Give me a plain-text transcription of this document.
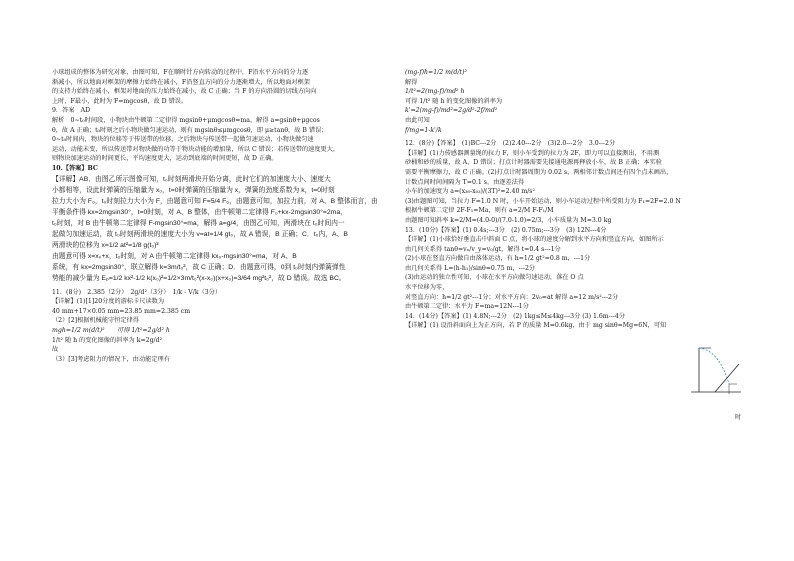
小球组成的整体为研究对象，由图可知，F在顺时针方向转动的过程中，F沿水平方向的分力逐
渐减小，所以地面对框架的摩擦力始终在减小，F沿竖直方向的分力逐渐增大，所以地面对框架
的支持力始终在减小，框架对地面的压力始终在减小，故 C 正确；当 F 的方向沿圆的切线方向向
上时，F最小，此时为 F=mgcosθ，故 D 错误。
9．答案　AD
解析　0~t₀时间段，小物块由牛顿第二定律得 mgsinθ+μmgcosθ=ma，解得 a=gsinθ+μgcos
θ，故 A 正确；t₀时刻之后小物块做匀速运动，则有 mgsinθ≤μmgcosθ，即 μ≥tanθ，故 B 错误；
0~t₀时间内，物块的位移等于传送带的位移，之后物块与传送带一起做匀速运动，小物块做匀速
运动，动能未变，所以传送带对物块做的功等于物块动能的增加量，所以 C 错误；若传送带的速度更大，
则物块加速运动的时间更长，平均速度更大，运动到底端的时间更短，故 D 正确。
10.【答案】BC
【详解】AB．由图乙所示图像可知，t₀时刻两滑块开始分离，此时它们的加速度大小、速度大
小都相等，设此时弹簧的压缩量为 x₀，t=0时弹簧的压缩量为 x，弹簧的劲度系数为 k，t=0时刻
拉力大小为 F₀，t₀时刻拉力大小为 F，由题意可知 F=5/4 F₀，由题意可知，加拉力前，对 A、B 整体而言，由
平衡条件得 kx=2mgsin30°，t=0时刻，对 A、B 整体，由牛顿第二定律得 F₀+kx-2mgsin30°=2ma，
t₀时刻，对 B 由牛顿第二定律得 F-mgsin30°=ma，解得 a=g/4，由图乙可知，两滑块在 t₀时间内一
起做匀加速运动，故 t₀时刻两滑块的速度大小为 v=at=1/4 gt₀，故 A 错误，B 正确；C．t₀内，A、B
两滑块的位移为 x=1/2 at²=1/8 g(t₀)²
由题意可得 x=x₀+x，t₀时刻，对 A 由牛顿第二定律得 kx₀-mgsin30°=ma，对 A、B
系统，有 kx=2mgsin30°，联立解得 k=3m/t₀²，故 C 正确；D．由题意可得，0到 t₀时刻内弹簧弹性
势能的减少量为 Eₚ=1/2 kx²-1/2 k(x₀)²=1/2×3m/t₀²(x-x₀)(x+x₀)=3/64 mg²t₀²，故 D 错误。故选 BC。
11．(8分)　2.385（2分）　2g/d²（3分）　1/k - V/k（3分）
【详解】(1)[1]20分度的游标卡尺读数为
40 mm+17×0.05 mm=23.85 mm=2.385 cm
（2）[2]根据机械能守恒定律得
mgh=1/2 m(d/t)²　　可得 1/t²=2g/d² h
1/t² 随 h 的变化图像的斜率为 k=2g/d²
故
（3）[3]考虑阻力的情况下，由动能定理有
(mg-f)h=1/2 m(d/t)²
解得
1/t²=2(mg-f)/md² h
可得 1/t² 随 h 的变化图像的斜率为
k'=2(mg-f)/md²=2g/d²-2f/md²
由此可知
f/mg=1-k'/k
12．(8分)【答案】　(1)BC---2分　(2)2.40---2分　(3)2.0---2分　3.0---2分
【详解】(1)力传感器测量绳的拉力 F，则小车受到的拉力为 2F，即力可以直接测出，不用测
砂桶和砂的质量，故 A、D 错误；打点计时器需要先接通电源再释放小车，故 B 正确；本实验
需要平衡摩擦力，故 C 正确。(2)打点计时器周期为 0.02 s，两相邻计数点间还有四个点未画出，
计数点间时间间隔为 T=0.1 s，由逐差法得
小车的加速度为 a=(x₃₆-x₀₃)/(3T)²≈2.40 m/s²
(3)由题图可知，当拉力 F=1.0 N 时，小车开始运动，则小车运动过程中所受阻力为 F₁=2F=2.0 N
根据牛顿第二定律 2F-F₁=Ma，则有 a=2/M F-F₁/M
由题图可知斜率 k=2/M=(4.0-0)/(7.0-1.0)=2/3，小车质量为 M=3.0 kg
13．(10分)【答案】(1) 0.4s;---3分　(2) 0.75m;---3分　(3) 12N---4分
【详解】(1)小球恰好垂直击中斜面 C 点，将小球的速度分解到水平方向和竖直方向，如图所示
由几何关系得 tanθ=vₓ/v_y=v₀/gt，解得 t=0.4 s---1分
(2)小球在竖直方向做自由落体运动，有 h=1/2 gt²=0.8 m，---1分
由几何关系得 L=(h-h₁)/sinθ=0.75 m，---2分
(3)由运动的独立性可知，小球在水平方向做匀速运动，落在 O 点
水平位移为零，
对竖直方向：h=1/2 gt²---1分；对水平方向：2v₀=at 解得 a=12 m/s²---2分
由牛顿第二定律：水平力 F=ma=12N---1分
14．(14分)【答案】(1) 4.8N;---2分　(2) 1kg≤M≤4kg---3分 (3) 1.6m---4分
【详解】(1) 设沿斜面向上为正方向，若 P 的质量 M=0.6kg，由于 mg sinθ=Mg=6N，可知
时
